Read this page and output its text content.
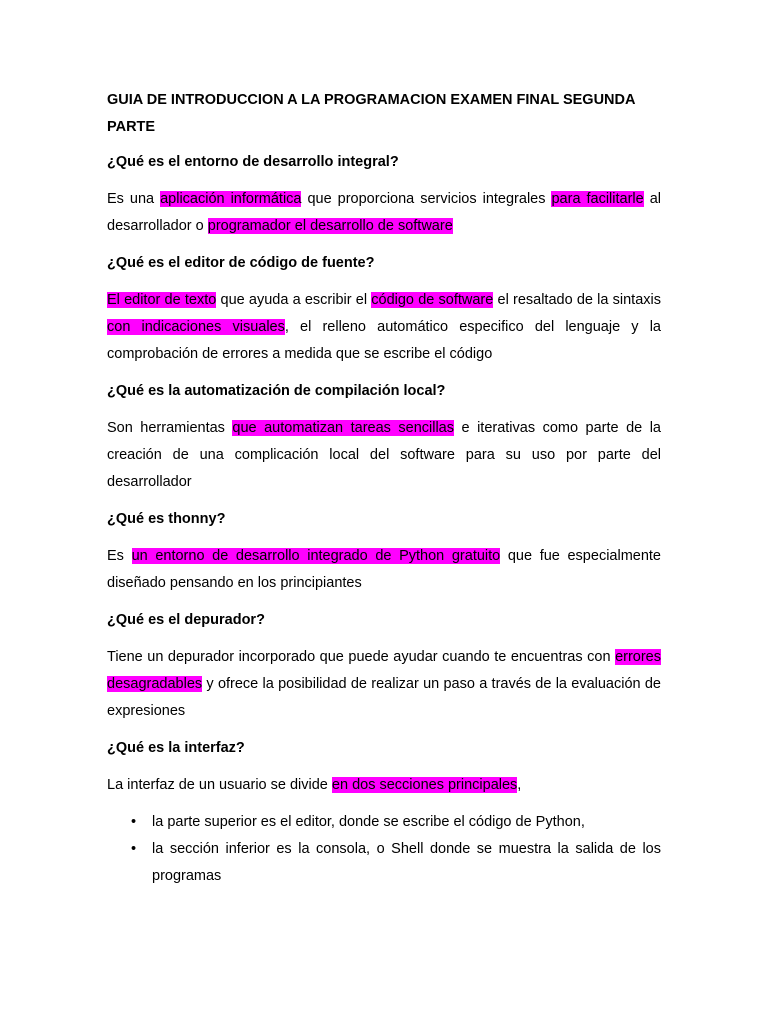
GUIA DE INTRODUCCION A LA PROGRAMACION EXAMEN FINAL SEGUNDA PARTE

¿Qué es el entorno de desarrollo integral?

Es una aplicación informática que proporciona servicios integrales para facilitarle al desarrollador o programador el desarrollo de software

¿Qué es el editor de código de fuente?

El editor de texto que ayuda a escribir el código de software el resaltado de la sintaxis con indicaciones visuales, el relleno automático especifico del lenguaje y la comprobación de errores a medida que se escribe el código

¿Qué es la automatización de compilación local?

Son herramientas que automatizan tareas sencillas e iterativas como parte de la creación de una complicación local del software para su uso por parte del desarrollador

¿Qué es thonny?

Es un entorno de desarrollo integrado de Python gratuito que fue especialmente diseñado pensando en los principiantes

¿Qué es el depurador?

Tiene un depurador incorporado que puede ayudar cuando te encuentras con errores desagradables y ofrece la posibilidad de realizar un paso a través de la evaluación de expresiones

¿Qué es la interfaz?

La interfaz de un usuario se divide en dos secciones principales,

• la parte superior es el editor, donde se escribe el código de Python,
• la sección inferior es la consola, o Shell donde se muestra la salida de los programas
